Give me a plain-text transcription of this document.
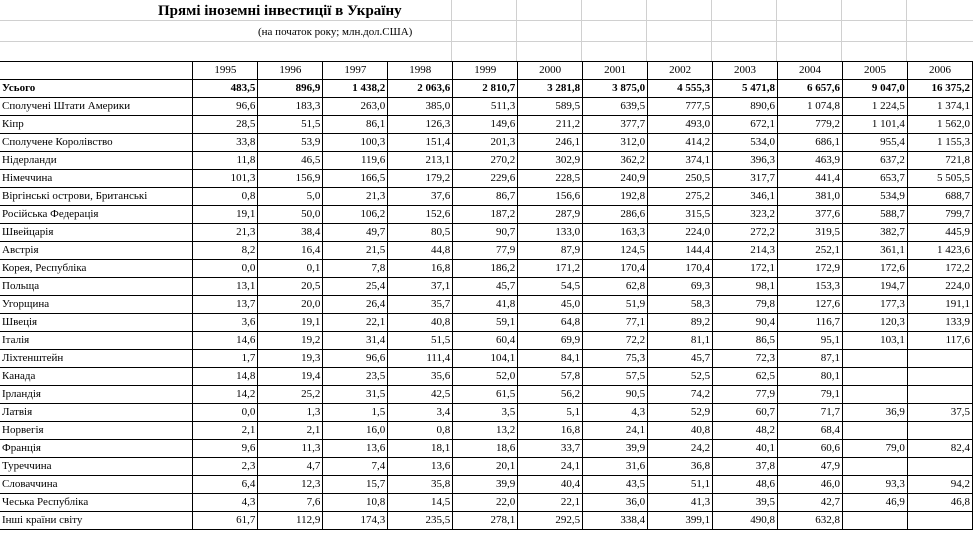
Прямі іноземні інвестиції в Україну
(на початок року; млн.дол.США)
	1995	1996	1997	1998	1999	2000	2001	2002	2003	2004	2005	2006
Усього	483,5	896,9	1 438,2	2 063,6	2 810,7	3 281,8	3 875,0	4 555,3	5 471,8	6 657,6	9 047,0	16 375,2
Сполучені Штати Америки	96,6	183,3	263,0	385,0	511,3	589,5	639,5	777,5	890,6	1 074,8	1 224,5	1 374,1
Кіпр	28,5	51,5	86,1	126,3	149,6	211,2	377,7	493,0	672,1	779,2	1 101,4	1 562,0
Сполучене Королівство	33,8	53,9	100,3	151,4	201,3	246,1	312,0	414,2	534,0	686,1	955,4	1 155,3
Нідерланди	11,8	46,5	119,6	213,1	270,2	302,9	362,2	374,1	396,3	463,9	637,2	721,8
Німеччина	101,3	156,9	166,5	179,2	229,6	228,5	240,9	250,5	317,7	441,4	653,7	5 505,5
Віргінські острови, Британські	0,8	5,0	21,3	37,6	86,7	156,6	192,8	275,2	346,1	381,0	534,9	688,7
Російська Федерація	19,1	50,0	106,2	152,6	187,2	287,9	286,6	315,5	323,2	377,6	588,7	799,7
Швейцарія	21,3	38,4	49,7	80,5	90,7	133,0	163,3	224,0	272,2	319,5	382,7	445,9
Австрія	8,2	16,4	21,5	44,8	77,9	87,9	124,5	144,4	214,3	252,1	361,1	1 423,6
Корея, Республіка	0,0	0,1	7,8	16,8	186,2	171,2	170,4	170,4	172,1	172,9	172,6	172,2
Польща	13,1	20,5	25,4	37,1	45,7	54,5	62,8	69,3	98,1	153,3	194,7	224,0
Угорщина	13,7	20,0	26,4	35,7	41,8	45,0	51,9	58,3	79,8	127,6	177,3	191,1
Швеція	3,6	19,1	22,1	40,8	59,1	64,8	77,1	89,2	90,4	116,7	120,3	133,9
Італія	14,6	19,2	31,4	51,5	60,4	69,9	72,2	81,1	86,5	95,1	103,1	117,6
Ліхтенштейн	1,7	19,3	96,6	111,4	104,1	84,1	75,3	45,7	72,3	87,1		
Канада	14,8	19,4	23,5	35,6	52,0	57,8	57,5	52,5	62,5	80,1		
Ірландія	14,2	25,2	31,5	42,5	61,5	56,2	90,5	74,2	77,9	79,1		
Латвія	0,0	1,3	1,5	3,4	3,5	5,1	4,3	52,9	60,7	71,7	36,9	37,5
Норвегія	2,1	2,1	16,0	0,8	13,2	16,8	24,1	40,8	48,2	68,4		
Франція	9,6	11,3	13,6	18,1	18,6	33,7	39,9	24,2	40,1	60,6	79,0	82,4
Туреччина	2,3	4,7	7,4	13,6	20,1	24,1	31,6	36,8	37,8	47,9		
Словаччина	6,4	12,3	15,7	35,8	39,9	40,4	43,5	51,1	48,6	46,0	93,3	94,2
Чеська Республіка	4,3	7,6	10,8	14,5	22,0	22,1	36,0	41,3	39,5	42,7	46,9	46,8
Інші країни світу	61,7	112,9	174,3	235,5	278,1	292,5	338,4	399,1	490,8	632,8		
